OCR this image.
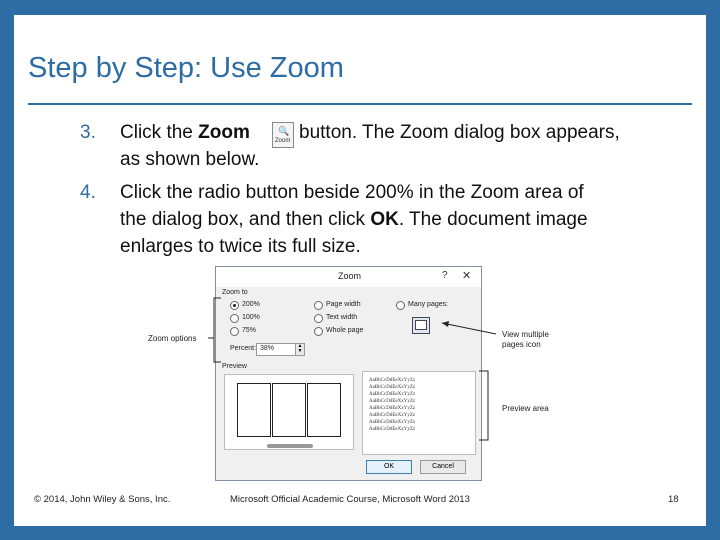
Step by Step: Use Zoom
3. Click the Zoom	🔍
Zoom button. The Zoom dialog box appears,
as shown below.
4. Click the radio button beside 200% in the Zoom area of
the dialog box, and then click OK. The document image
enlarges to twice its full size.
Zoom	? ✕
Zoom to
200%
100%
75%
Page width
Text width
Whole page
Many pages:
Percent: 38%	▲
▼
Preview
AaBbCcDdEeXxYyZz
AaBbCcDdEeXxYyZz
AaBbCcDdEeXxYyZz
AaBbCcDdEeXxYyZz
AaBbCcDdEeXxYyZz
AaBbCcDdEeXxYyZz
AaBbCcDdEeXxYyZz
AaBbCcDdEeXxYyZz
OK	Cancel
Zoom options	View multiple
pages icon
Preview area
© 2014, John Wiley & Sons, Inc.	Microsoft Official Academic Course, Microsoft Word 2013	18
